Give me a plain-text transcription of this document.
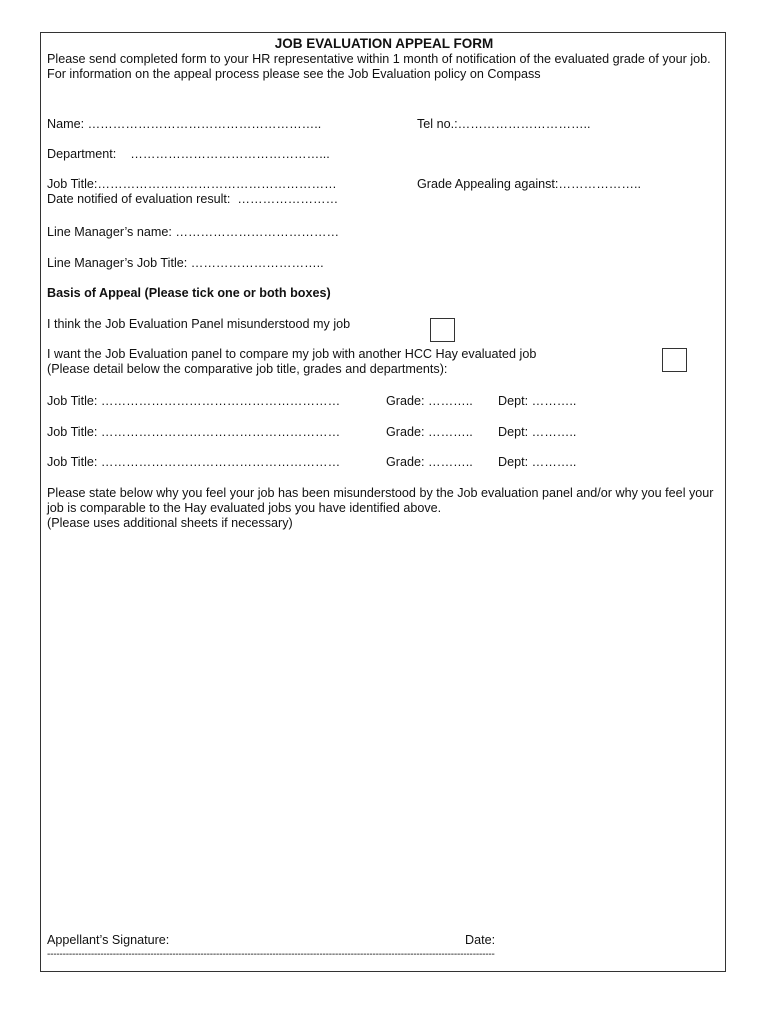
JOB EVALUATION APPEAL FORM
Please send completed form to your HR representative within 1 month of notification of the evaluated grade of your job. For information on the appeal process please see the Job Evaluation policy on Compass
Name: ………………………………………………..	Tel no.:…………………………..
Department:    ………………………………………...
Job Title:…………………………………………………	Grade Appealing against:………………..
Date notified of evaluation result:  ……………………
Line Manager’s name: …………………………………
Line Manager’s Job Title: …………………………..
Basis of Appeal (Please tick one or both boxes)
I think the Job Evaluation Panel misunderstood my job
I want the Job Evaluation panel to compare my job with another HCC Hay evaluated job
(Please detail below the comparative job title, grades and departments):
Job Title: …………………………………………………	Grade: ……….. Dept: ………..
Job Title: …………………………………………………	Grade: ……….. Dept: ………..
Job Title: …………………………………………………	Grade: ……….. Dept: ………..
Please state below why you feel your job has been misunderstood by the Job evaluation panel and/or why you feel your job is comparable to the Hay evaluated jobs you have identified above.
(Please uses additional sheets if necessary)
Appellant’s Signature:	Date:
-----------------------------------------------------------------------------------------------------------------------------------------------
